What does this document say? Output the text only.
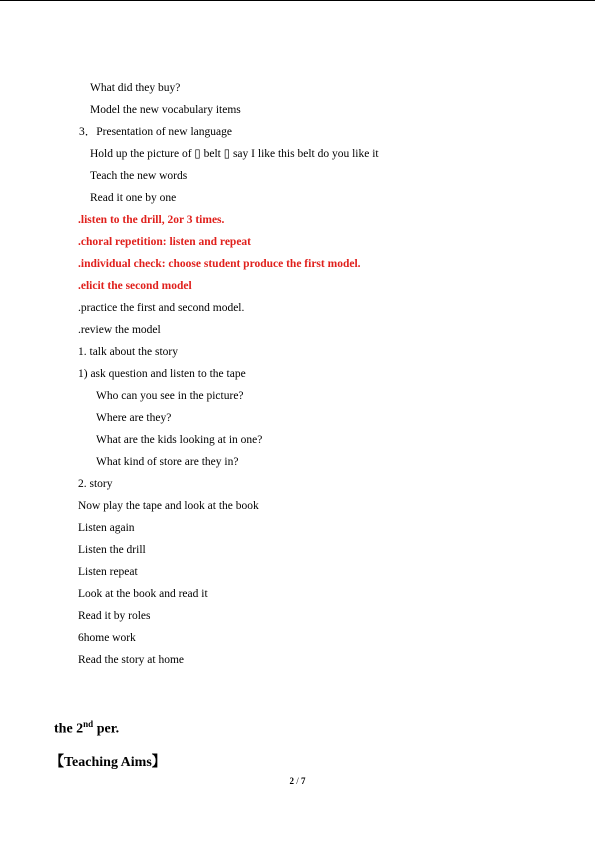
What did they buy?
Model the new vocabulary items
3．Presentation of new language
Hold up the picture of ▯ belt ▯ say I like this belt do you like it
Teach the new words
Read it one by one
.listen to the drill, 2or 3 times.
.choral repetition: listen and repeat
.individual check: choose student produce the first model.
.elicit the second model
.practice the first and second model.
.review the model
1. talk about the story
1) ask question and listen to the tape
Who can you see in the picture?
Where are they?
What are the kids looking at in one?
What kind of store are they in?
2. story
Now play the tape and look at the book
Listen again
Listen the drill
Listen repeat
Look at the book and read it
Read it by roles
6home work
Read the story at home
the 2nd per.
【Teaching Aims】
2 / 7
